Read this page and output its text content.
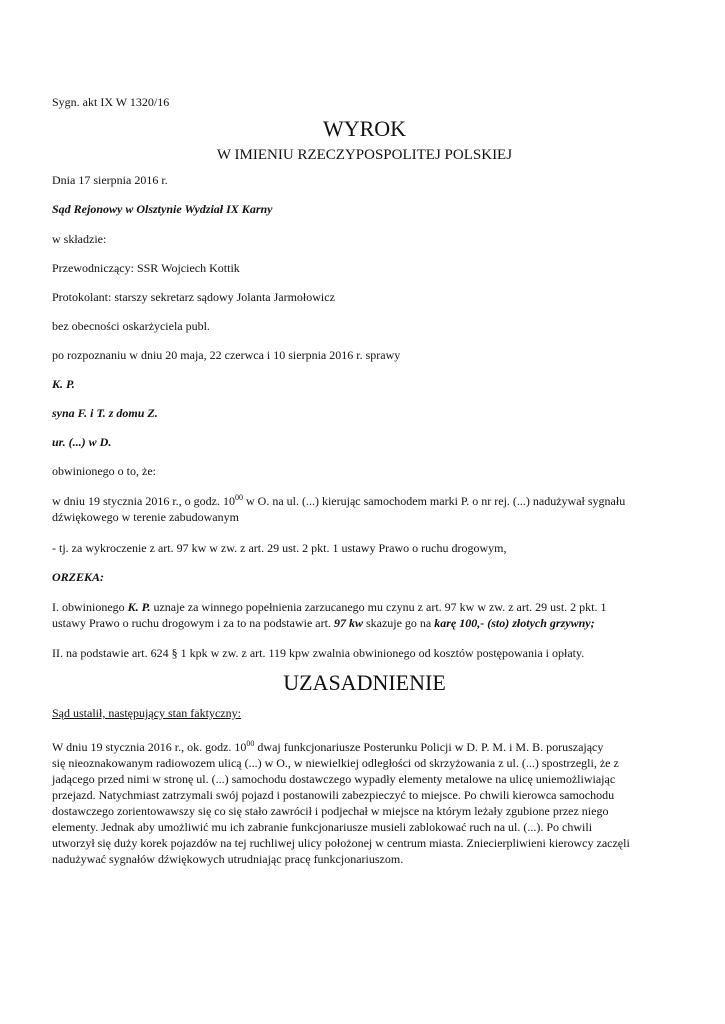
Sygn. akt IX W 1320/16
WYROK
W IMIENIU RZECZYPOSPOLITEJ POLSKIEJ
Dnia 17 sierpnia 2016 r.
Sąd Rejonowy w Olsztynie Wydział IX Karny
w składzie:
Przewodniczący: SSR Wojciech Kottik
Protokolant: starszy sekretarz sądowy Jolanta Jarmołowicz
bez obecności oskarżyciela publ.
po rozpoznaniu w dniu 20 maja, 22 czerwca i 10 sierpnia 2016 r. sprawy
K. P.
syna F. i T. z domu Z.
ur. (...) w D.
obwinionego o to, że:
w dniu 19 stycznia 2016 r., o godz. $10^{00}$ w O. na ul. (...) kierując samochodem marki P. o nr rej. (...) nadużywał sygnału
dźwiękowego w terenie zabudowanym
- tj. za wykroczenie z art. 97 kw w zw. z art. 29 ust. 2 pkt. 1 ustawy Prawo o ruchu drogowym,
ORZEKA:
I. obwinionego K. P. uznaje za winnego popełnienia zarzucanego mu czynu z art. 97 kw w zw. z art. 29 ust. 2 pkt. 1
ustawy Prawo o ruchu drogowym i za to na podstawie art. 97 kw skazuje go na karę 100,- (sto) złotych grzywny;
II. na podstawie art. 624 § 1 kpk w zw. z art. 119 kpw zwalnia obwinionego od kosztów postępowania i opłaty.
UZASADNIENIE
Sąd ustalił, następujący stan faktyczny:
W dniu 19 stycznia 2016 r., ok. godz. $10^{00}$ dwaj funkcjonariusze Posterunku Policji w D. P. M. i M. B. poruszający
się nieoznakowanym radiowozem ulicą (...) w O., w niewielkiej odległości od skrzyżowania z ul. (...) spostrzegli, że z
jadącego przed nimi w stronę ul. (...) samochodu dostawczego wypadły elementy metalowe na ulicę uniemożliwiając
przejazd. Natychmiast zatrzymali swój pojazd i postanowili zabezpieczyć to miejsce. Po chwili kierowca samochodu
dostawczego zorientowawszy się co się stało zawrócił i podjechał w miejsce na którym leżały zgubione przez niego
elementy. Jednak aby umożliwić mu ich zabranie funkcjonariusze musieli zablokować ruch na ul. (...). Po chwili
utworzył się duży korek pojazdów na tej ruchliwej ulicy położonej w centrum miasta. Zniecierpliwieni kierowcy zaczęli
nadużywać sygnałów dźwiękowych utrudniając pracę funkcjonariuszom.
